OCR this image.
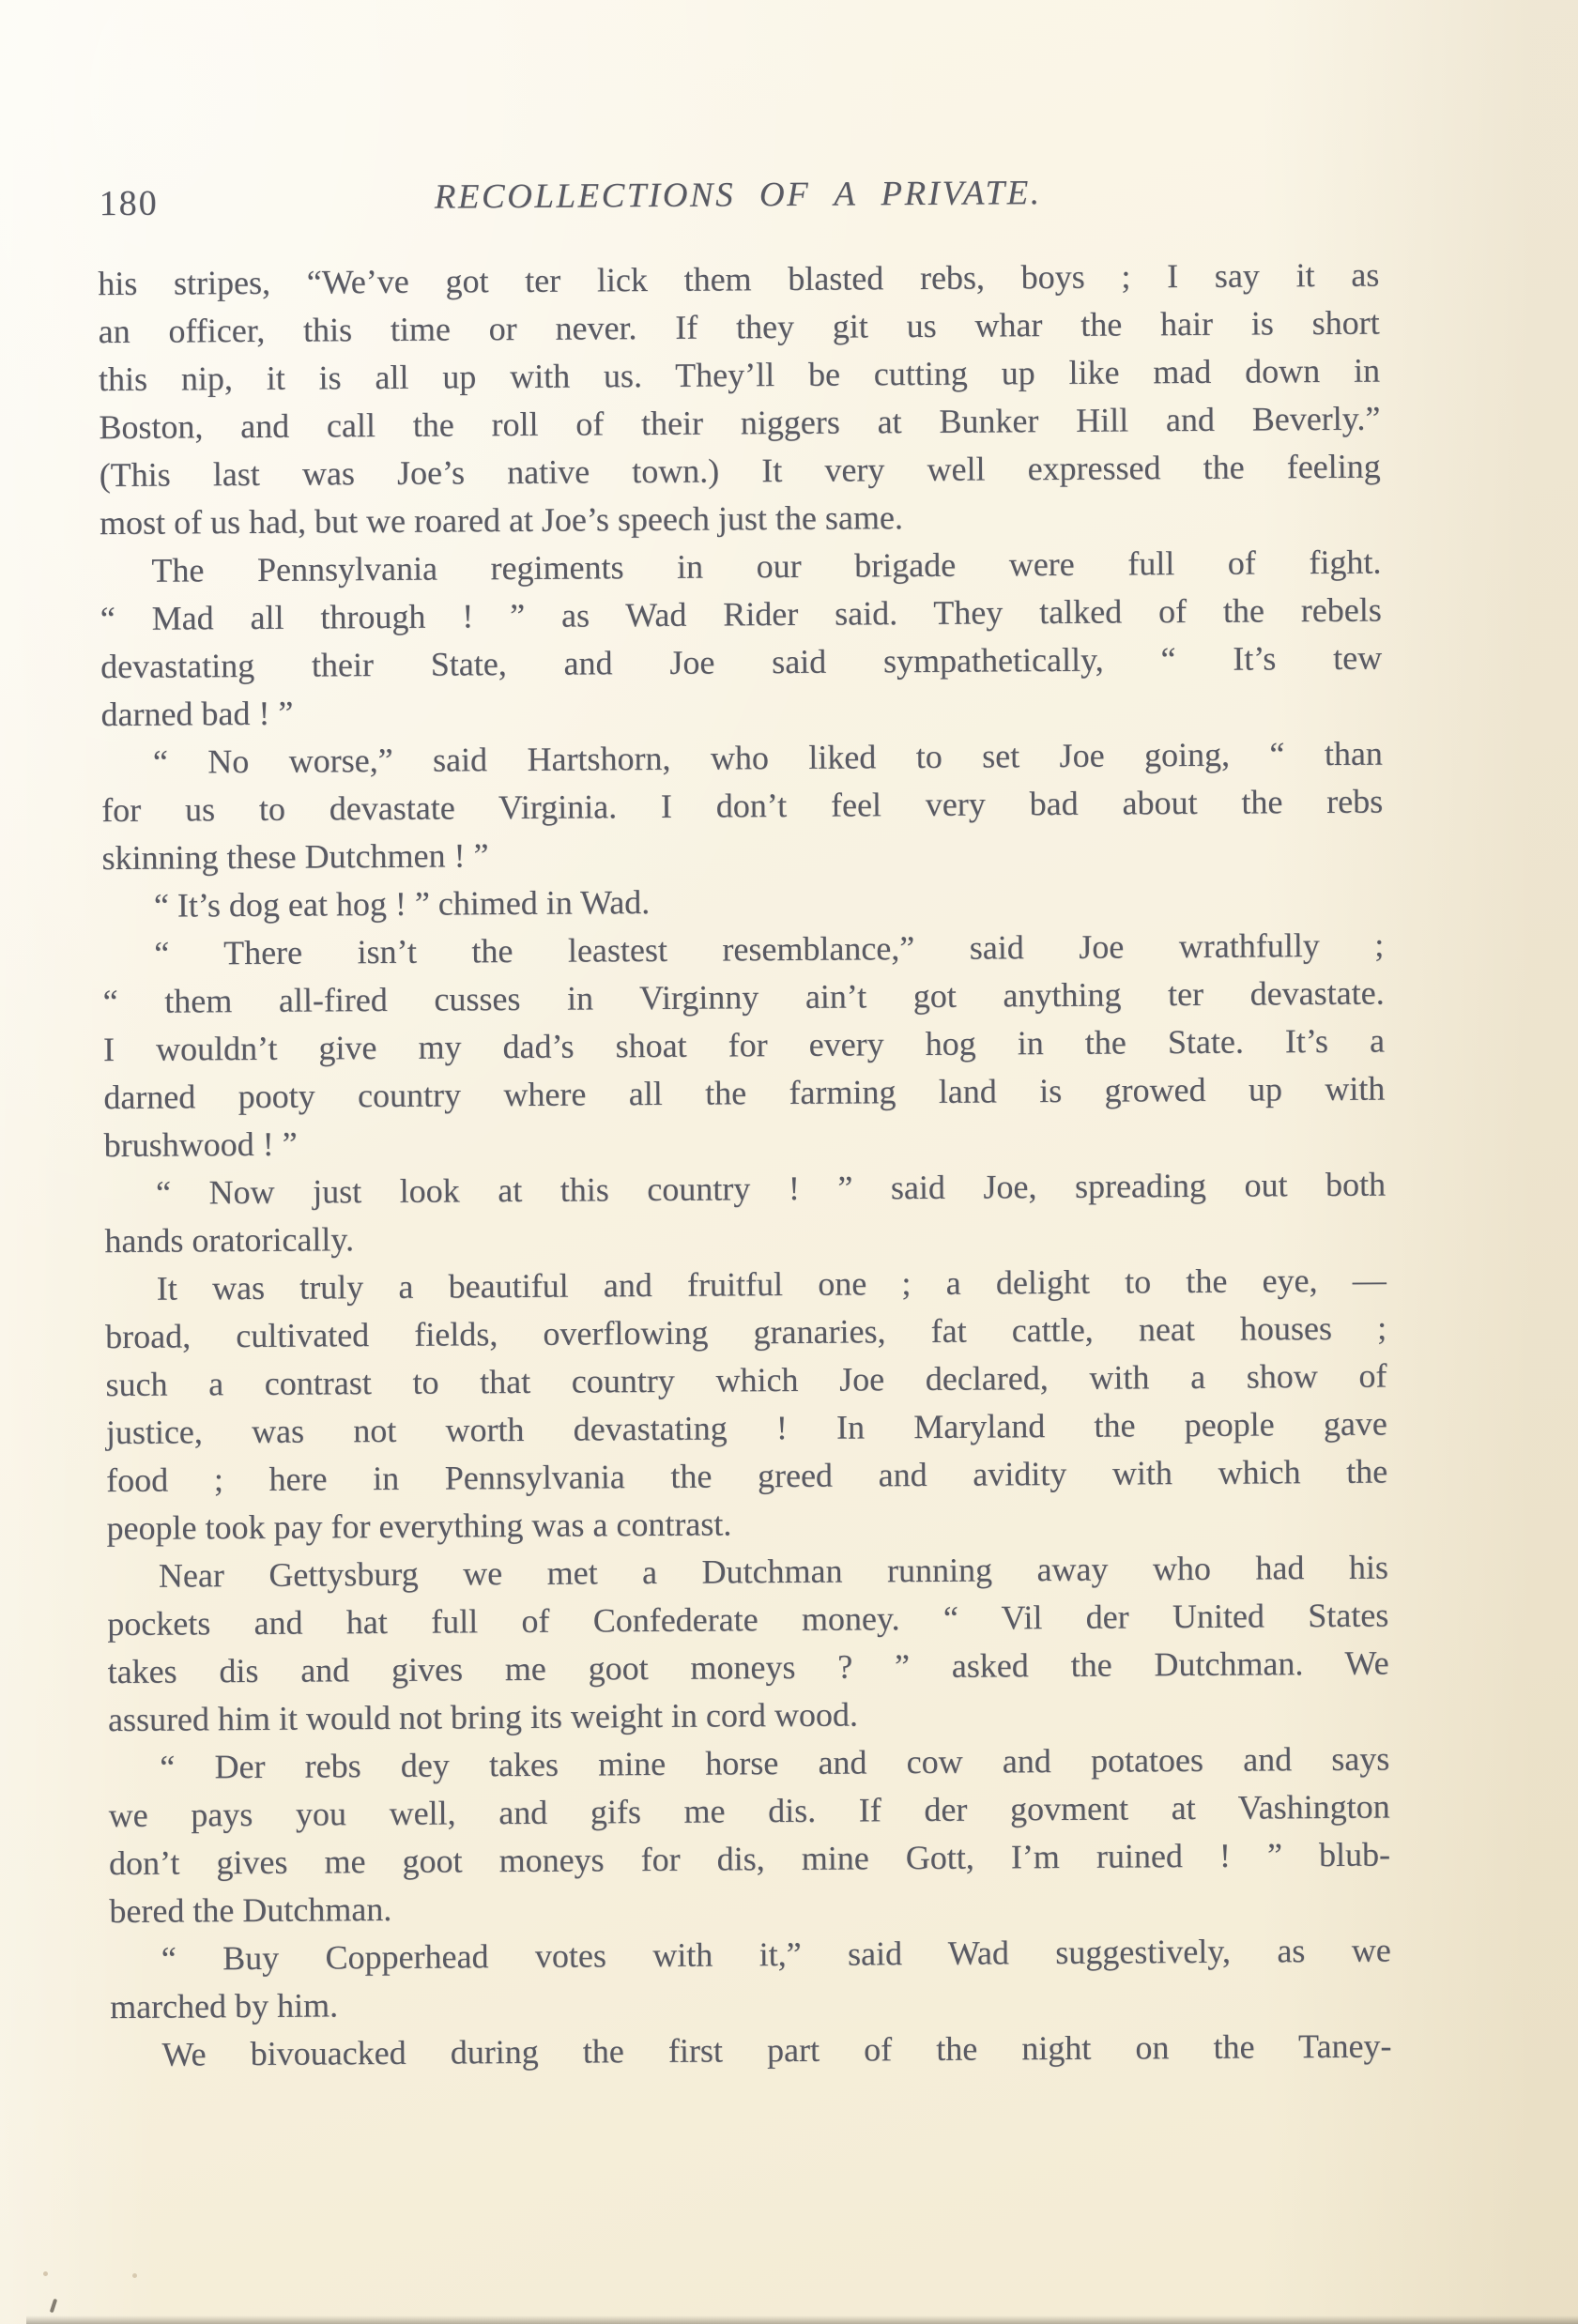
180	RECOLLECTIONS OF A PRIVATE.
his stripes, “We’ve got ter lick them blasted rebs, boys ; I say it as
an officer, this time or never. If they git us whar the hair is short
this nip, it is all up with us. They’ll be cutting up like mad down in
Boston, and call the roll of their niggers at Bunker Hill and Beverly.”
(This last was Joe’s native town.) It very well expressed the feeling
most of us had, but we roared at Joe’s speech just the same.
The Pennsylvania regiments in our brigade were full of fight.
“ Mad all through ! ” as Wad Rider said. They talked of the rebels
devastating their State, and Joe said sympathetically, “ It’s tew
darned bad ! ”
“ No worse,” said Hartshorn, who liked to set Joe going, “ than
for us to devastate Virginia. I don’t feel very bad about the rebs
skinning these Dutchmen ! ”
“ It’s dog eat hog ! ” chimed in Wad.
“ There isn’t the leastest resemblance,” said Joe wrathfully ;
“ them all-fired cusses in Virginny ain’t got anything ter devastate.
I wouldn’t give my dad’s shoat for every hog in the State. It’s a
darned pooty country where all the farming land is growed up with
brushwood ! ”
“ Now just look at this country ! ” said Joe, spreading out both
hands oratorically.
It was truly a beautiful and fruitful one ; a delight to the eye, —
broad, cultivated fields, overflowing granaries, fat cattle, neat houses ;
such a contrast to that country which Joe declared, with a show of
justice, was not worth devastating ! In Maryland the people gave
food ; here in Pennsylvania the greed and avidity with which the
people took pay for everything was a contrast.
Near Gettysburg we met a Dutchman running away who had his
pockets and hat full of Confederate money. “ Vil der United States
takes dis and gives me goot moneys ? ” asked the Dutchman. We
assured him it would not bring its weight in cord wood.
“ Der rebs dey takes mine horse and cow and potatoes and says
we pays you well, and gifs me dis. If der govment at Vashington
don’t gives me goot moneys for dis, mine Gott, I’m ruined ! ” blub-
bered the Dutchman.
“ Buy Copperhead votes with it,” said Wad suggestively, as we
marched by him.
We bivouacked during the first part of the night on the Taney-
